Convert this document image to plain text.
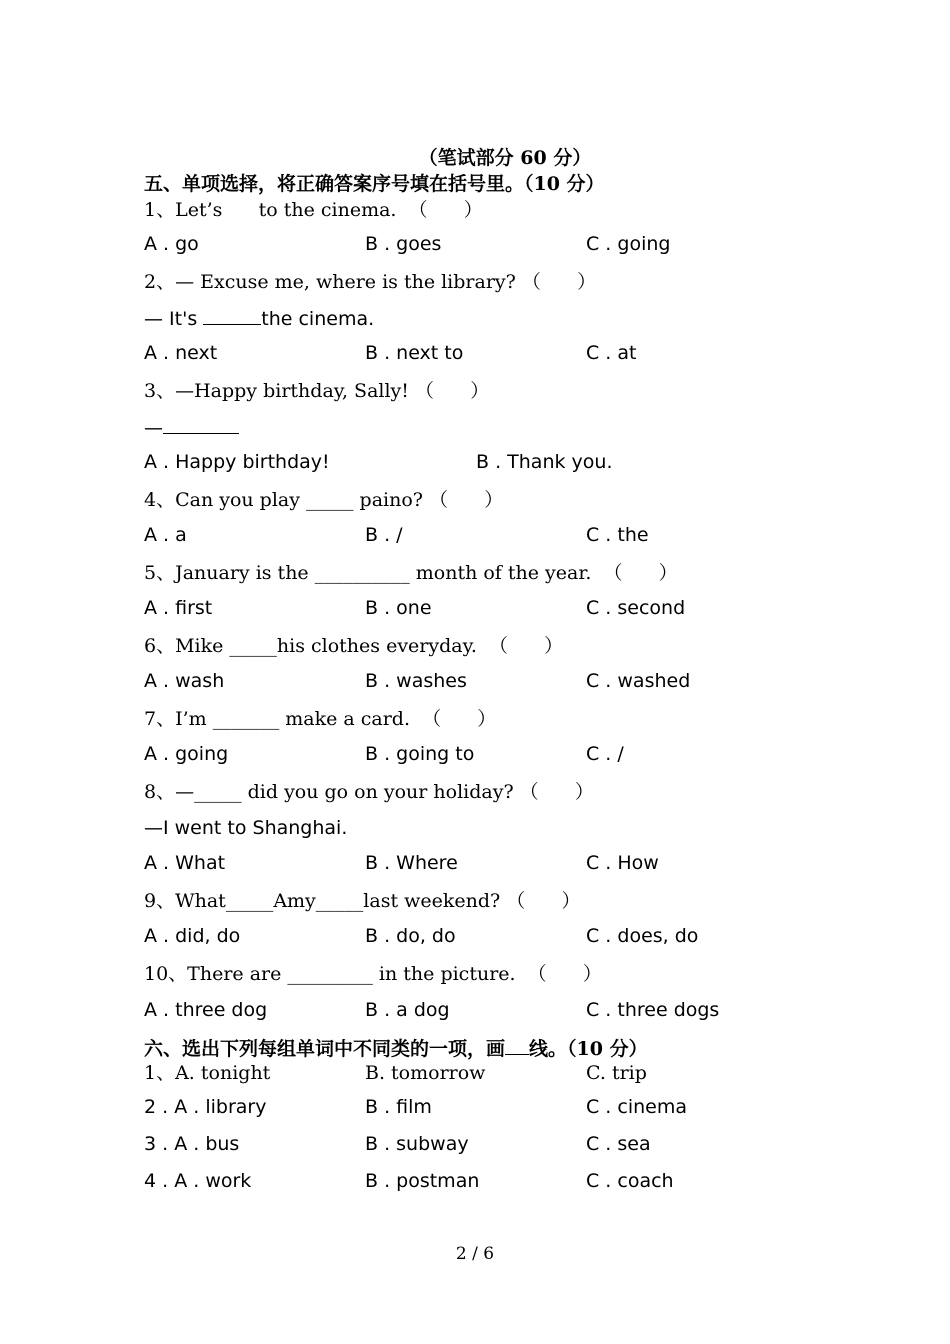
（笔试部分 60 分）
五、单项选择，将正确答案序号填在括号里。（10 分）
1、Let’s      to the cinema.  （      ）
A . go	B . goes	C . going
2、— Excuse me, where is the library? （      ）
— It's	the cinema.
A . next	B . next to	C . at
3、—Happy birthday, Sally! （      ）
—
A . Happy birthday!	B . Thank you.
4、Can you play _____ paino? （      ）
A . a	B . /	C . the
5、January is the __________ month of the year.  （      ）
A . first	B . one	C . second
6、Mike _____his clothes everyday.  （      ）
A . wash	B . washes	C . washed
7、I’m _______ make a card.  （      ）
A . going	B . going to	C . /
8、—_____ did you go on your holiday? （      ）
—I went to Shanghai.
A . What	B . Where	C . How
9、What_____Amy_____last weekend? （      ）
A . did, do	B . do, do	C . does, do
10、There are _________ in the picture.  （      ）
A . three dog	B . a dog	C . three dogs
六、选出下列每组单词中不同类的一项，画 线。（10 分）
1、A. tonight	B. tomorrow	C. trip
2 . A . library	B . film	C . cinema
3 . A . bus	B . subway	C . sea
4 . A . work	B . postman	C . coach
2 / 6
